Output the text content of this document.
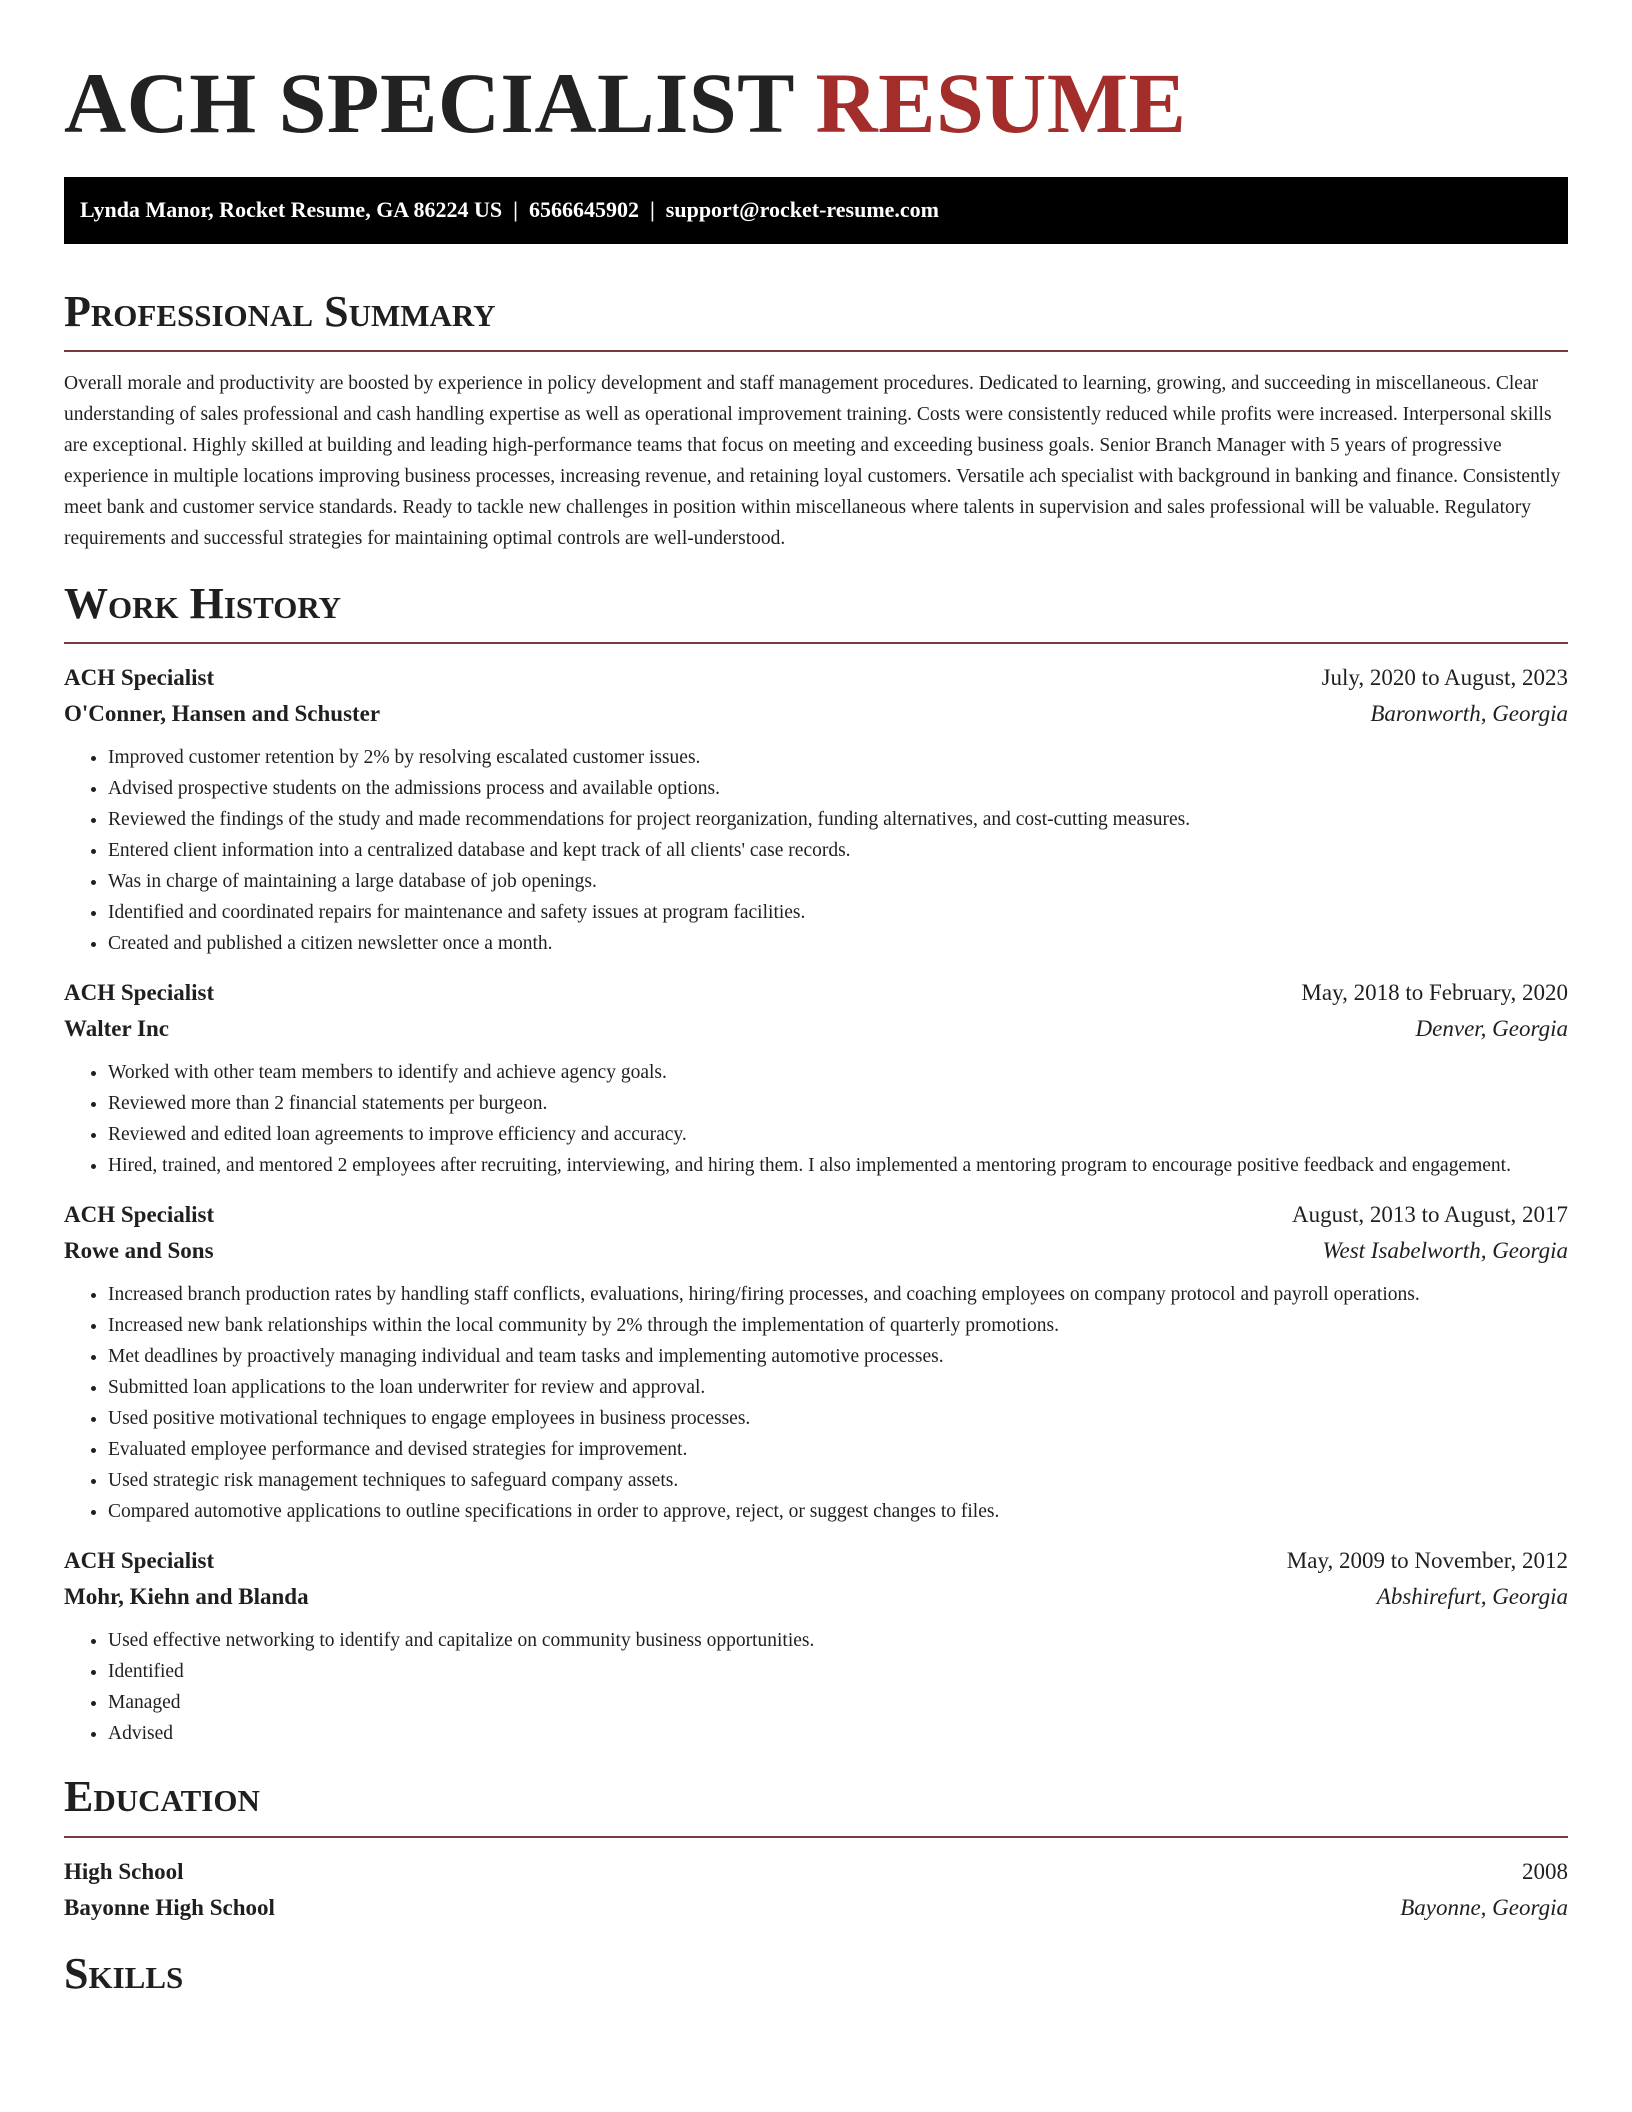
ACH SPECIALIST RESUME
Lynda Manor, Rocket Resume, GA 86224 US  |  6566645902  |  support@rocket-resume.com
Professional Summary

Overall morale and productivity are boosted by experience in policy development and staff management procedures. Dedicated to learning, growing, and succeeding in miscellaneous. Clear understanding of sales professional and cash handling expertise as well as operational improvement training. Costs were consistently reduced while profits were increased. Interpersonal skills are exceptional. Highly skilled at building and leading high-performance teams that focus on meeting and exceeding business goals. Senior Branch Manager with 5 years of progressive experience in multiple locations improving business processes, increasing revenue, and retaining loyal customers. Versatile ach specialist with background in banking and finance. Consistently meet bank and customer service standards. Ready to tackle new challenges in position within miscellaneous where talents in supervision and sales professional will be valuable. Regulatory requirements and successful strategies for maintaining optimal controls are well-understood.

Work History
ACH Specialist	July, 2020 to August, 2023
O'Conner, Hansen and Schuster	Baronworth, Georgia
• Improved customer retention by 2% by resolving escalated customer issues.
• Advised prospective students on the admissions process and available options.
• Reviewed the findings of the study and made recommendations for project reorganization, funding alternatives, and cost-cutting measures.
• Entered client information into a centralized database and kept track of all clients' case records.
• Was in charge of maintaining a large database of job openings.
• Identified and coordinated repairs for maintenance and safety issues at program facilities.
• Created and published a citizen newsletter once a month.
ACH Specialist	May, 2018 to February, 2020
Walter Inc	Denver, Georgia
• Worked with other team members to identify and achieve agency goals.
• Reviewed more than 2 financial statements per burgeon.
• Reviewed and edited loan agreements to improve efficiency and accuracy.
• Hired, trained, and mentored 2 employees after recruiting, interviewing, and hiring them. I also implemented a mentoring program to encourage positive feedback and engagement.
ACH Specialist	August, 2013 to August, 2017
Rowe and Sons	West Isabelworth, Georgia
• Increased branch production rates by handling staff conflicts, evaluations, hiring/firing processes, and coaching employees on company protocol and payroll operations.
• Increased new bank relationships within the local community by 2% through the implementation of quarterly promotions.
• Met deadlines by proactively managing individual and team tasks and implementing automotive processes.
• Submitted loan applications to the loan underwriter for review and approval.
• Used positive motivational techniques to engage employees in business processes.
• Evaluated employee performance and devised strategies for improvement.
• Used strategic risk management techniques to safeguard company assets.
• Compared automotive applications to outline specifications in order to approve, reject, or suggest changes to files.
ACH Specialist	May, 2009 to November, 2012
Mohr, Kiehn and Blanda	Abshirefurt, Georgia
• Used effective networking to identify and capitalize on community business opportunities.
• Identified
• Managed
• Advised
Education
High School	2008
Bayonne High School	Bayonne, Georgia
Skills
